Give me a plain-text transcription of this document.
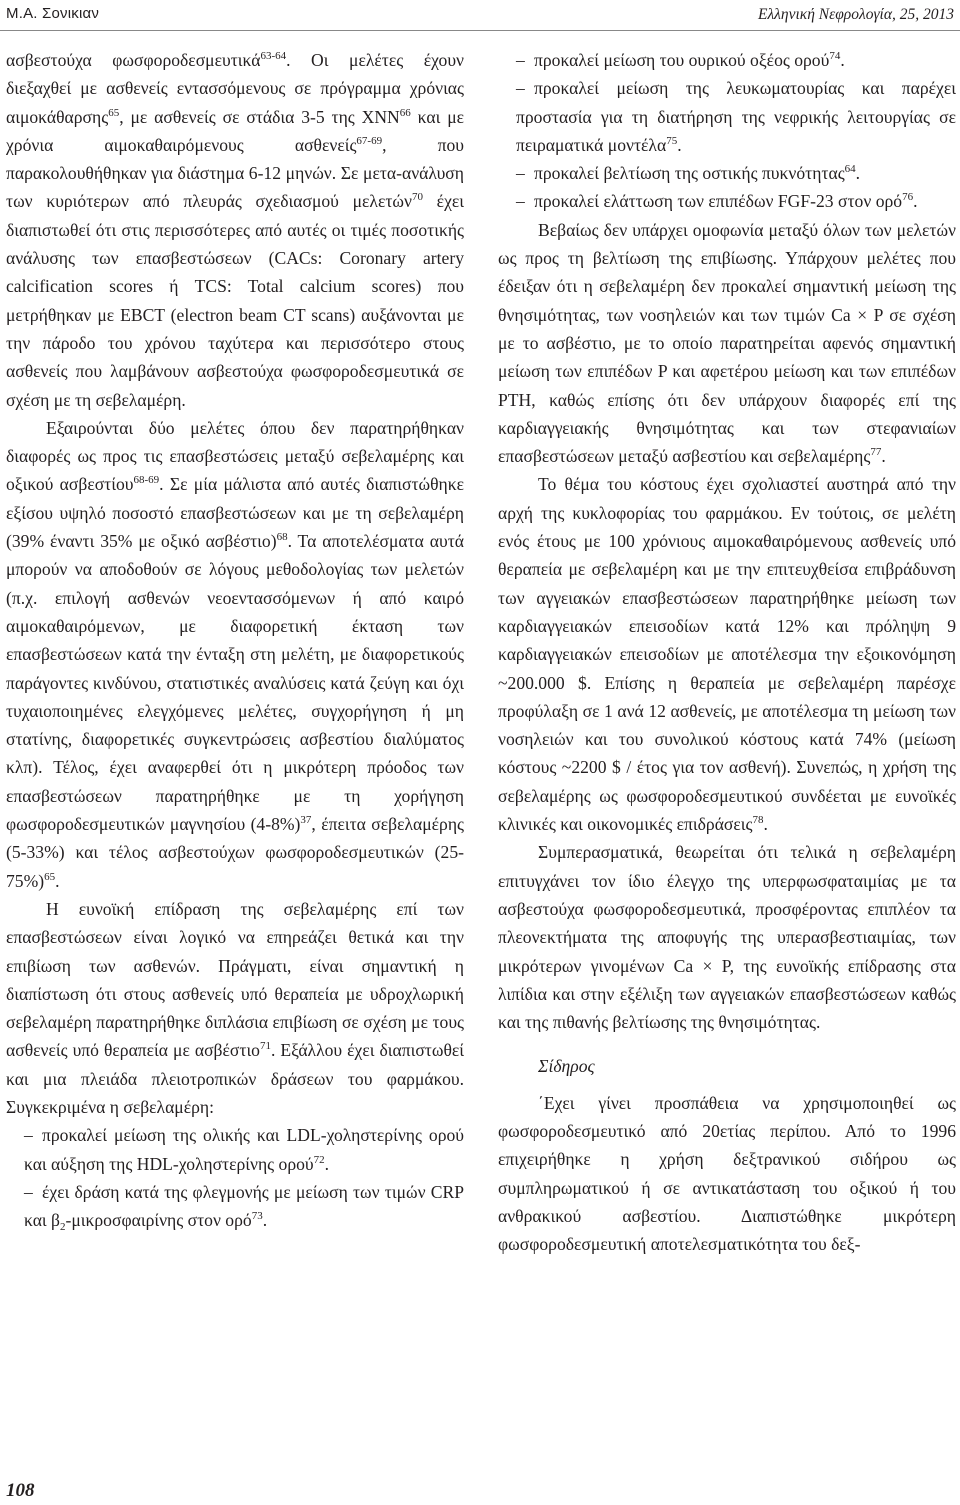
Μ.Α. Σονικιαν	Ελληνική Νεφρολογία, 25, 2013

ασβεστούχα φωσφοροδεσμευτικά$^{63-64}$. Οι μελέτες έχουν διεξαχθεί με ασθενείς εντασσόμενους σε πρόγραμμα χρόνιας αιμοκάθαρσης$^{65}$, με ασθενείς σε στάδια 3-5 της ΧΝΝ$^{66}$ και με χρόνια αιμοκαθαιρόμενους ασθενείς$^{67-69}$, που παρακολουθήθηκαν για διάστημα 6-12 μηνών. Σε μετα-ανάλυση των κυριότερων από πλευράς σχεδιασμού μελετών$^{70}$ έχει διαπιστωθεί ότι στις περισσότερες από αυτές οι τιμές ποσοτικής ανάλυσης των επασβεστώσεων (CACs: Coronary artery calcification scores ή TCS: Total calcium scores) που μετρήθηκαν με EBCT (electron beam CT scans) αυξάνονται με την πάροδο του χρόνου ταχύτερα και περισσότερο στους ασθενείς που λαμβάνουν ασβεστούχα φωσφοροδεσμευτικά σε σχέση με τη σεβελαμέρη.

Εξαιρούνται δύο μελέτες όπου δεν παρατηρήθηκαν διαφορές ως προς τις επασβεστώσεις μεταξύ σεβελαμέρης και οξικού ασβεστίου$^{68-69}$. Σε μία μάλιστα από αυτές διαπιστώθηκε εξίσου υψηλό ποσοστό επασβεστώσεων και με τη σεβελαμέρη (39% έναντι 35% με οξικό ασβέστιο)$^{68}$. Τα αποτελέσματα αυτά μπορούν να αποδοθούν σε λόγους μεθοδολογίας των μελετών (π.χ. επιλογή ασθενών νεοεντασσόμενων ή από καιρό αιμοκαθαιρόμενων, με διαφορετική έκταση των επασβεστώσεων κατά την ένταξη στη μελέτη, με διαφορετικούς παράγοντες κινδύνου, στατιστικές αναλύσεις κατά ζεύγη και όχι τυχαιοποιημένες ελεγχόμενες μελέτες, συγχορήγηση ή μη στατίνης, διαφορετικές συγκεντρώσεις ασβεστίου διαλύματος κλπ). Τέλος, έχει αναφερθεί ότι η μικρότερη πρόοδος των επασβεστώσεων παρατηρήθηκε με τη χορήγηση φωσφοροδεσμευτικών μαγνησίου $(4-8\%)^{37}$, έπειτα σεβελαμέρης (5-33%) και τέλος ασβεστούχων φωσφοροδεσμευτικών $(25-75\%)^{65}$.

Η ευνοϊκή επίδραση της σεβελαμέρης επί των επασβεστώσεων είναι λογικό να επηρεάζει θετικά και την επιβίωση των ασθενών. Πράγματι, είναι σημαντική η διαπίστωση ότι στους ασθενείς υπό θεραπεία με υδροχλωρική σεβελαμέρη παρατηρήθηκε διπλάσια επιβίωση σε σχέση με τους ασθενείς υπό θεραπεία με ασβέστιο$^{71}$. Εξάλλου έχει διαπιστωθεί και μια πλειάδα πλειοτροπικών δράσεων του φαρμάκου. Συγκεκριμένα η σεβελαμέρη:

– προκαλεί μείωση της ολικής και LDL-χοληστερίνης ορού και αύξηση της HDL-χοληστερίνης ορού$^{72}$.

– έχει δράση κατά της φλεγμονής με μείωση των τιμών CRP και $\beta_2$-μικροσφαιρίνης στον ορό$^{73}$.

– προκαλεί μείωση του ουρικού οξέος ορού$^{74}$.

– προκαλεί μείωση της λευκωματουρίας και παρέχει προστασία για τη διατήρηση της νεφρικής λειτουργίας σε πειραματικά μοντέλα$^{75}$.

– προκαλεί βελτίωση της οστικής πυκνότητας$^{64}$.

– προκαλεί ελάττωση των επιπέδων FGF-23 στον ορό$^{76}$.

Βεβαίως δεν υπάρχει ομοφωνία μεταξύ όλων των μελετών ως προς τη βελτίωση της επιβίωσης. Υπάρχουν μελέτες που έδειξαν ότι η σεβελαμέρη δεν προκαλεί σημαντική μείωση της θνησιμότητας, των νοσηλειών και των τιμών Ca × P σε σχέση με το ασβέστιο, με το οποίο παρατηρείται αφενός σημαντική μείωση των επιπέδων P και αφετέρου μείωση και των επιπέδων PTH, καθώς επίσης ότι δεν υπάρχουν διαφορές επί της καρδιαγγειακής θνησιμότητας και των στεφανιαίων επασβεστώσεων μεταξύ ασβεστίου και σεβελαμέρης$^{77}$.

Το θέμα του κόστους έχει σχολιαστεί αυστηρά από την αρχή της κυκλοφορίας του φαρμάκου. Εν τούτοις, σε μελέτη ενός έτους με 100 χρόνιους αιμοκαθαιρόμενους ασθενείς υπό θεραπεία με σεβελαμέρη και με την επιτευχθείσα επιβράδυνση των αγγειακών επασβεστώσεων παρατηρήθηκε μείωση των καρδιαγγειακών επεισοδίων κατά 12% και πρόληψη 9 καρδιαγγειακών επεισοδίων με αποτέλεσμα την εξοικονόμηση ~200.000 $. Επίσης η θεραπεία με σεβελαμέρη παρέσχε προφύλαξη σε 1 ανά 12 ασθενείς, με αποτέλεσμα τη μείωση των νοσηλειών και του συνολικού κόστους κατά 74% (μείωση κόστους ~2200 $ / έτος για τον ασθενή). Συνεπώς, η χρήση της σεβελαμέρης ως φωσφοροδεσμευτικού συνδέεται με ευνοϊκές κλινικές και οικονομικές επιδράσεις$^{78}$.

Συμπερασματικά, θεωρείται ότι τελικά η σεβελαμέρη επιτυγχάνει τον ίδιο έλεγχο της υπερφωσφαταιμίας με τα ασβεστούχα φωσφοροδεσμευτικά, προσφέροντας επιπλέον τα πλεονεκτήματα της αποφυγής της υπερασβεστιαιμίας, των μικρότερων γινομένων Ca × P, της ευνοϊκής επίδρασης στα λιπίδια και στην εξέλιξη των αγγειακών επασβεστώσεων καθώς και της πιθανής βελτίωσης της θνησιμότητας.

Σίδηρος

΄Εχει γίνει προσπάθεια να χρησιμοποιηθεί ως φωσφοροδεσμευτικό από 20ετίας περίπου. Από το 1996 επιχειρήθηκε η χρήση δεξτρανικού σιδήρου ως συμπληρωματικού ή σε αντικατάσταση του οξικού ή του ανθρακικού ασβεστίου. Διαπιστώθηκε μικρότερη φωσφοροδεσμευτική αποτελεσματικότητα του δεξ-

108
